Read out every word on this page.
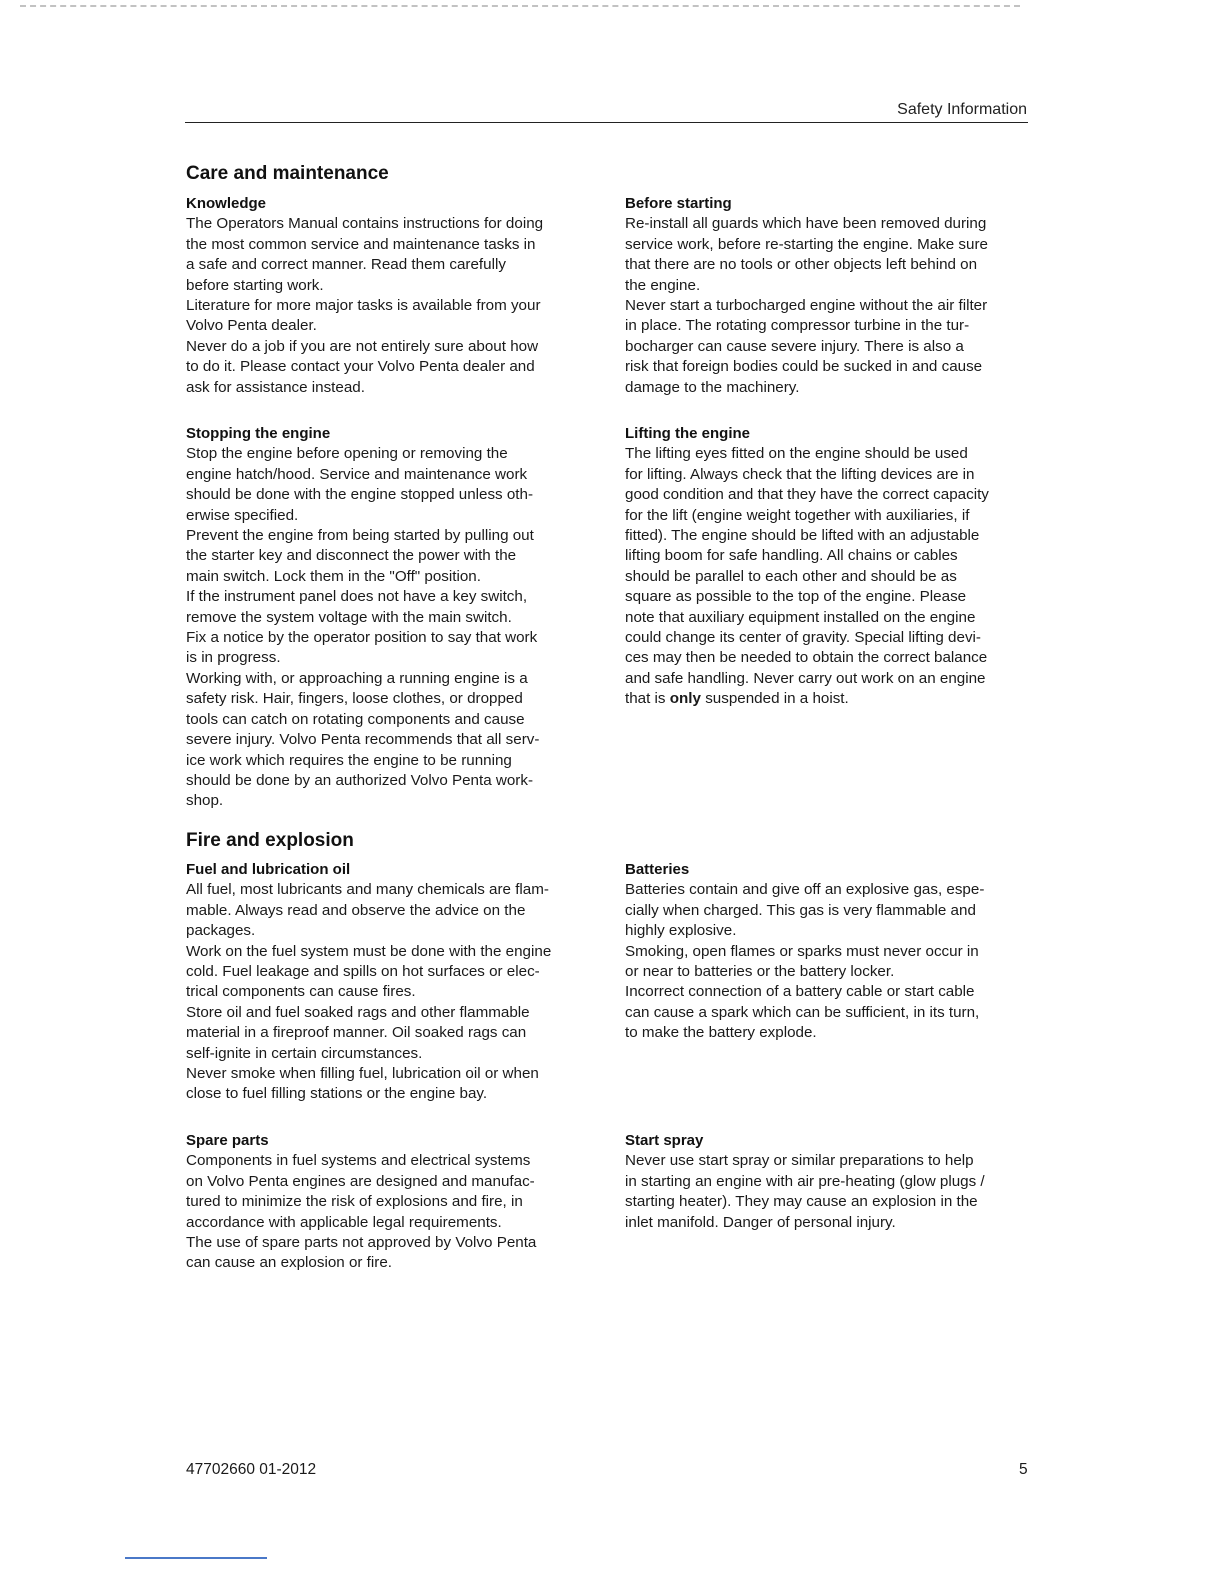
Safety Information
Care and maintenance
Knowledge
The Operators Manual contains instructions for doing
the most common service and maintenance tasks in
a safe and correct manner. Read them carefully
before starting work.
Literature for more major tasks is available from your
Volvo Penta dealer.
Never do a job if you are not entirely sure about how
to do it. Please contact your Volvo Penta dealer and
ask for assistance instead.
Before starting
Re-install all guards which have been removed during
service work, before re-starting the engine. Make sure
that there are no tools or other objects left behind on
the engine.
Never start a turbocharged engine without the air filter
in place. The rotating compressor turbine in the tur-
bocharger can cause severe injury. There is also a
risk that foreign bodies could be sucked in and cause
damage to the machinery.
Stopping the engine
Stop the engine before opening or removing the
engine hatch/hood. Service and maintenance work
should be done with the engine stopped unless oth-
erwise specified.
Prevent the engine from being started by pulling out
the starter key and disconnect the power with the
main switch. Lock them in the "Off" position.
If the instrument panel does not have a key switch,
remove the system voltage with the main switch.
Fix a notice by the operator position to say that work
is in progress.
Working with, or approaching a running engine is a
safety risk. Hair, fingers, loose clothes, or dropped
tools can catch on rotating components and cause
severe injury. Volvo Penta recommends that all serv-
ice work which requires the engine to be running
should be done by an authorized Volvo Penta work-
shop.
Lifting the engine
The lifting eyes fitted on the engine should be used
for lifting. Always check that the lifting devices are in
good condition and that they have the correct capacity
for the lift (engine weight together with auxiliaries, if
fitted). The engine should be lifted with an adjustable
lifting boom for safe handling. All chains or cables
should be parallel to each other and should be as
square as possible to the top of the engine. Please
note that auxiliary equipment installed on the engine
could change its center of gravity. Special lifting devi-
ces may then be needed to obtain the correct balance
and safe handling. Never carry out work on an engine
that is only suspended in a hoist.
Fire and explosion
Fuel and lubrication oil
All fuel, most lubricants and many chemicals are flam-
mable. Always read and observe the advice on the
packages.
Work on the fuel system must be done with the engine
cold. Fuel leakage and spills on hot surfaces or elec-
trical components can cause fires.
Store oil and fuel soaked rags and other flammable
material in a fireproof manner. Oil soaked rags can
self-ignite in certain circumstances.
Never smoke when filling fuel, lubrication oil or when
close to fuel filling stations or the engine bay.
Batteries
Batteries contain and give off an explosive gas, espe-
cially when charged. This gas is very flammable and
highly explosive.
Smoking, open flames or sparks must never occur in
or near to batteries or the battery locker.
Incorrect connection of a battery cable or start cable
can cause a spark which can be sufficient, in its turn,
to make the battery explode.
Spare parts
Components in fuel systems and electrical systems
on Volvo Penta engines are designed and manufac-
tured to minimize the risk of explosions and fire, in
accordance with applicable legal requirements.
The use of spare parts not approved by Volvo Penta
can cause an explosion or fire.
Start spray
Never use start spray or similar preparations to help
in starting an engine with air pre-heating (glow plugs /
starting heater). They may cause an explosion in the
inlet manifold. Danger of personal injury.
47702660 01-2012	5
